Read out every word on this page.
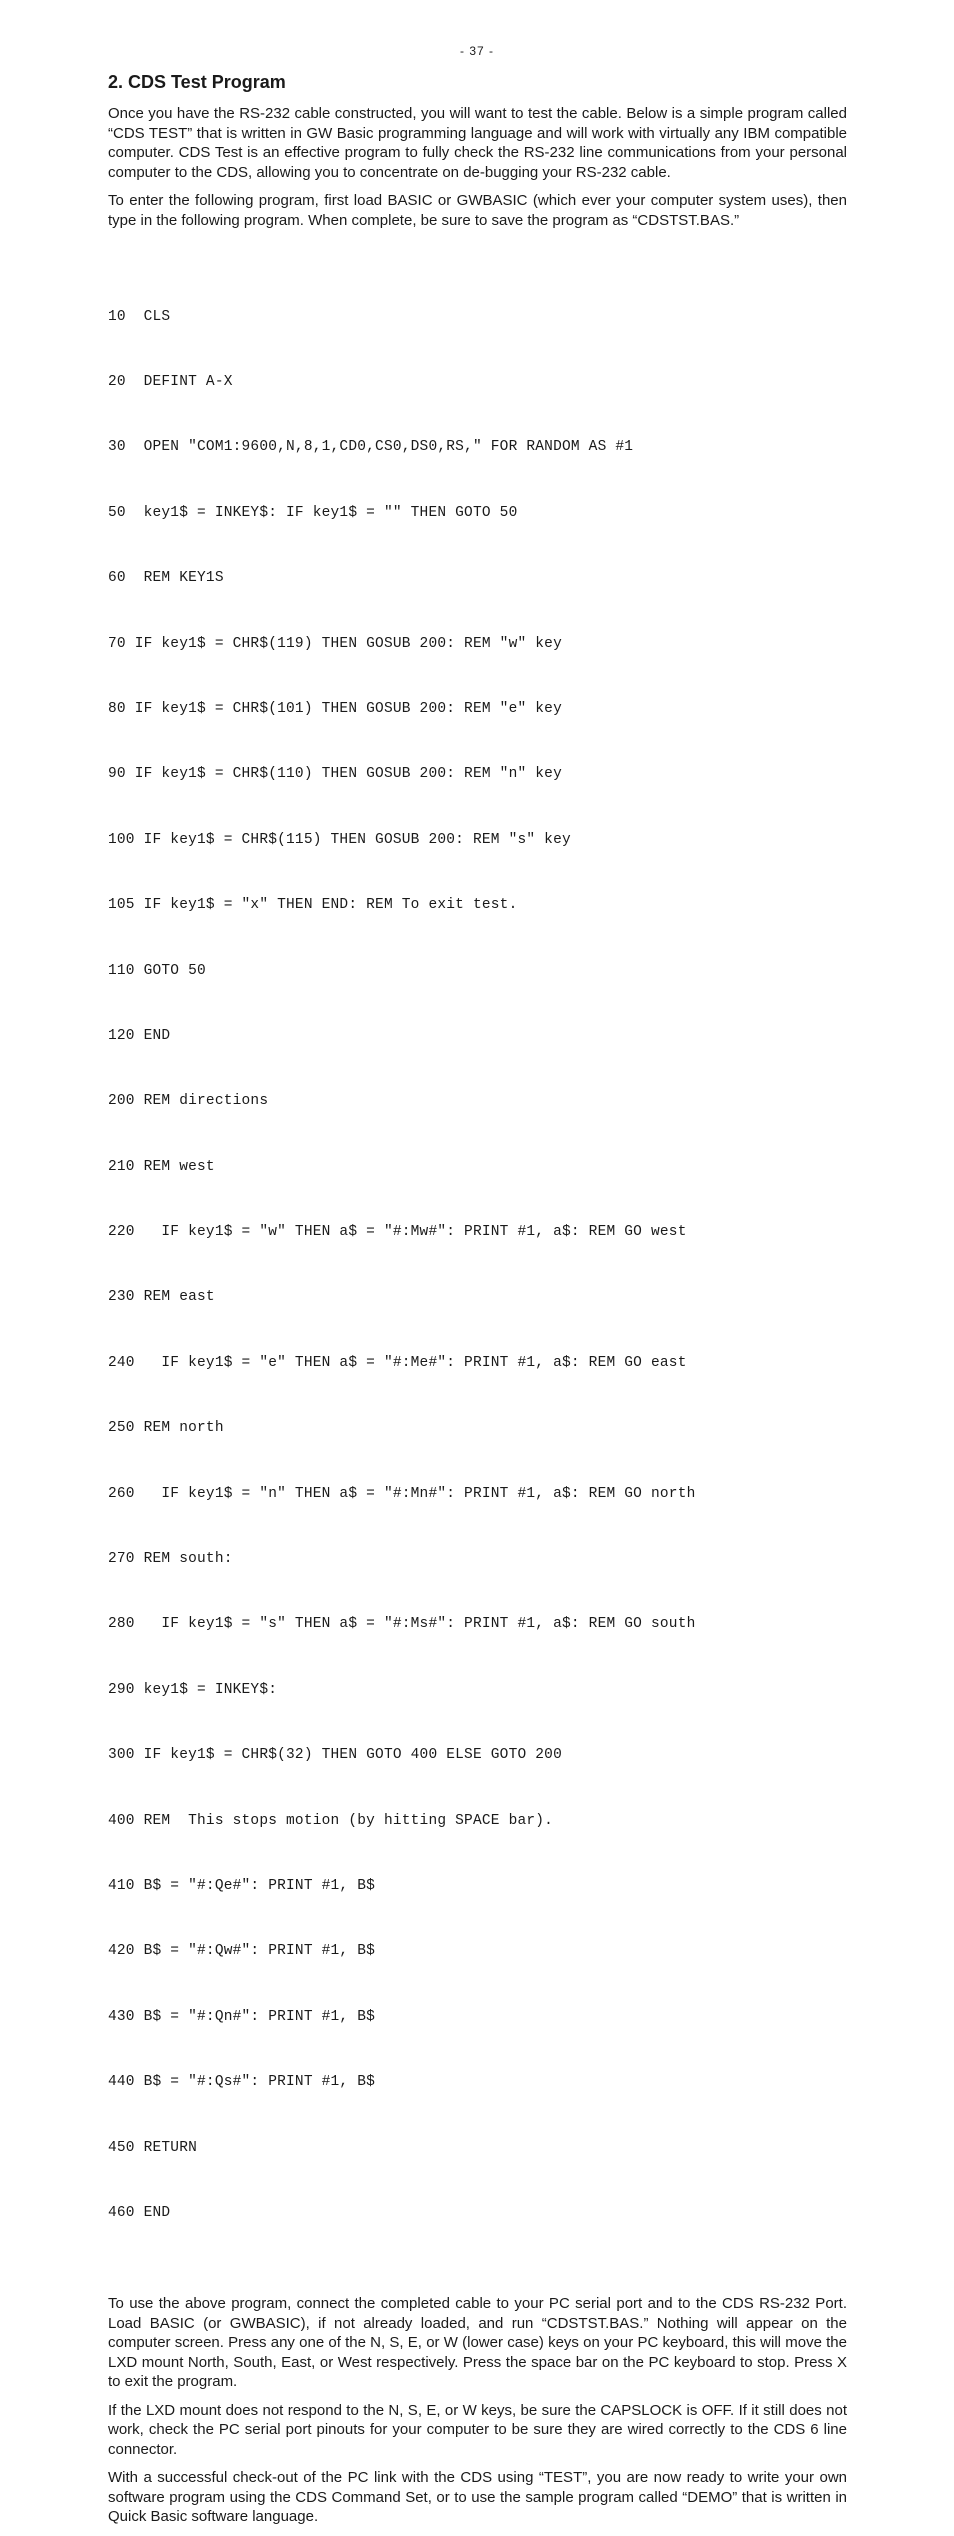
- 37 -
2. CDS Test Program

Once you have the RS-232 cable constructed, you will want to test the cable. Below is a simple program called “CDS TEST” that is written in GW Basic programming language and will work with virtually any IBM compatible computer. CDS Test is an effective program to fully check the RS-232 line communications from your personal computer to the CDS, allowing you to concentrate on de-bugging your RS-232 cable.

To enter the following program, first load BASIC or GWBASIC (which ever your computer system uses), then type in the following program. When complete, be sure to save the program as “CDSTST.BAS.”

10  CLS

20  DEFINT A-X

30  OPEN "COM1:9600,N,8,1,CD0,CS0,DS0,RS," FOR RANDOM AS #1

50  key1$ = INKEY$: IF key1$ = "" THEN GOTO 50

60  REM KEY1S

70 IF key1$ = CHR$(119) THEN GOSUB 200: REM "w" key

80 IF key1$ = CHR$(101) THEN GOSUB 200: REM "e" key

90 IF key1$ = CHR$(110) THEN GOSUB 200: REM "n" key

100 IF key1$ = CHR$(115) THEN GOSUB 200: REM "s" key

105 IF key1$ = "x" THEN END: REM To exit test.

110 GOTO 50

120 END

200 REM directions

210 REM west

220   IF key1$ = "w" THEN a$ = "#:Mw#": PRINT #1, a$: REM GO west

230 REM east

240   IF key1$ = "e" THEN a$ = "#:Me#": PRINT #1, a$: REM GO east

250 REM north

260   IF key1$ = "n" THEN a$ = "#:Mn#": PRINT #1, a$: REM GO north

270 REM south:

280   IF key1$ = "s" THEN a$ = "#:Ms#": PRINT #1, a$: REM GO south

290 key1$ = INKEY$:

300 IF key1$ = CHR$(32) THEN GOTO 400 ELSE GOTO 200

400 REM  This stops motion (by hitting SPACE bar).

410 B$ = "#:Qe#": PRINT #1, B$

420 B$ = "#:Qw#": PRINT #1, B$

430 B$ = "#:Qn#": PRINT #1, B$

440 B$ = "#:Qs#": PRINT #1, B$

450 RETURN

460 END

To use the above program, connect the completed cable to your PC serial port and to the CDS RS-232 Port. Load BASIC (or GWBASIC), if not already loaded, and run “CDSTST.BAS.” Nothing will appear on the computer screen. Press any one of the N, S, E, or W (lower case) keys on your PC keyboard, this will move the LXD mount North, South, East, or West respectively. Press the space bar on the PC keyboard to stop. Press X to exit the program.

If the LXD mount does not respond to the N, S, E, or W keys, be sure the CAPSLOCK is OFF. If it still does not work, check the PC serial port pinouts for your computer to be sure they are wired correctly to the CDS 6 line connector.

With a successful check-out of the PC link with the CDS using “TEST”, you are now ready to write your own software program using the CDS Command Set, or to use the sample program called “DEMO” that is written in Quick Basic software language.
